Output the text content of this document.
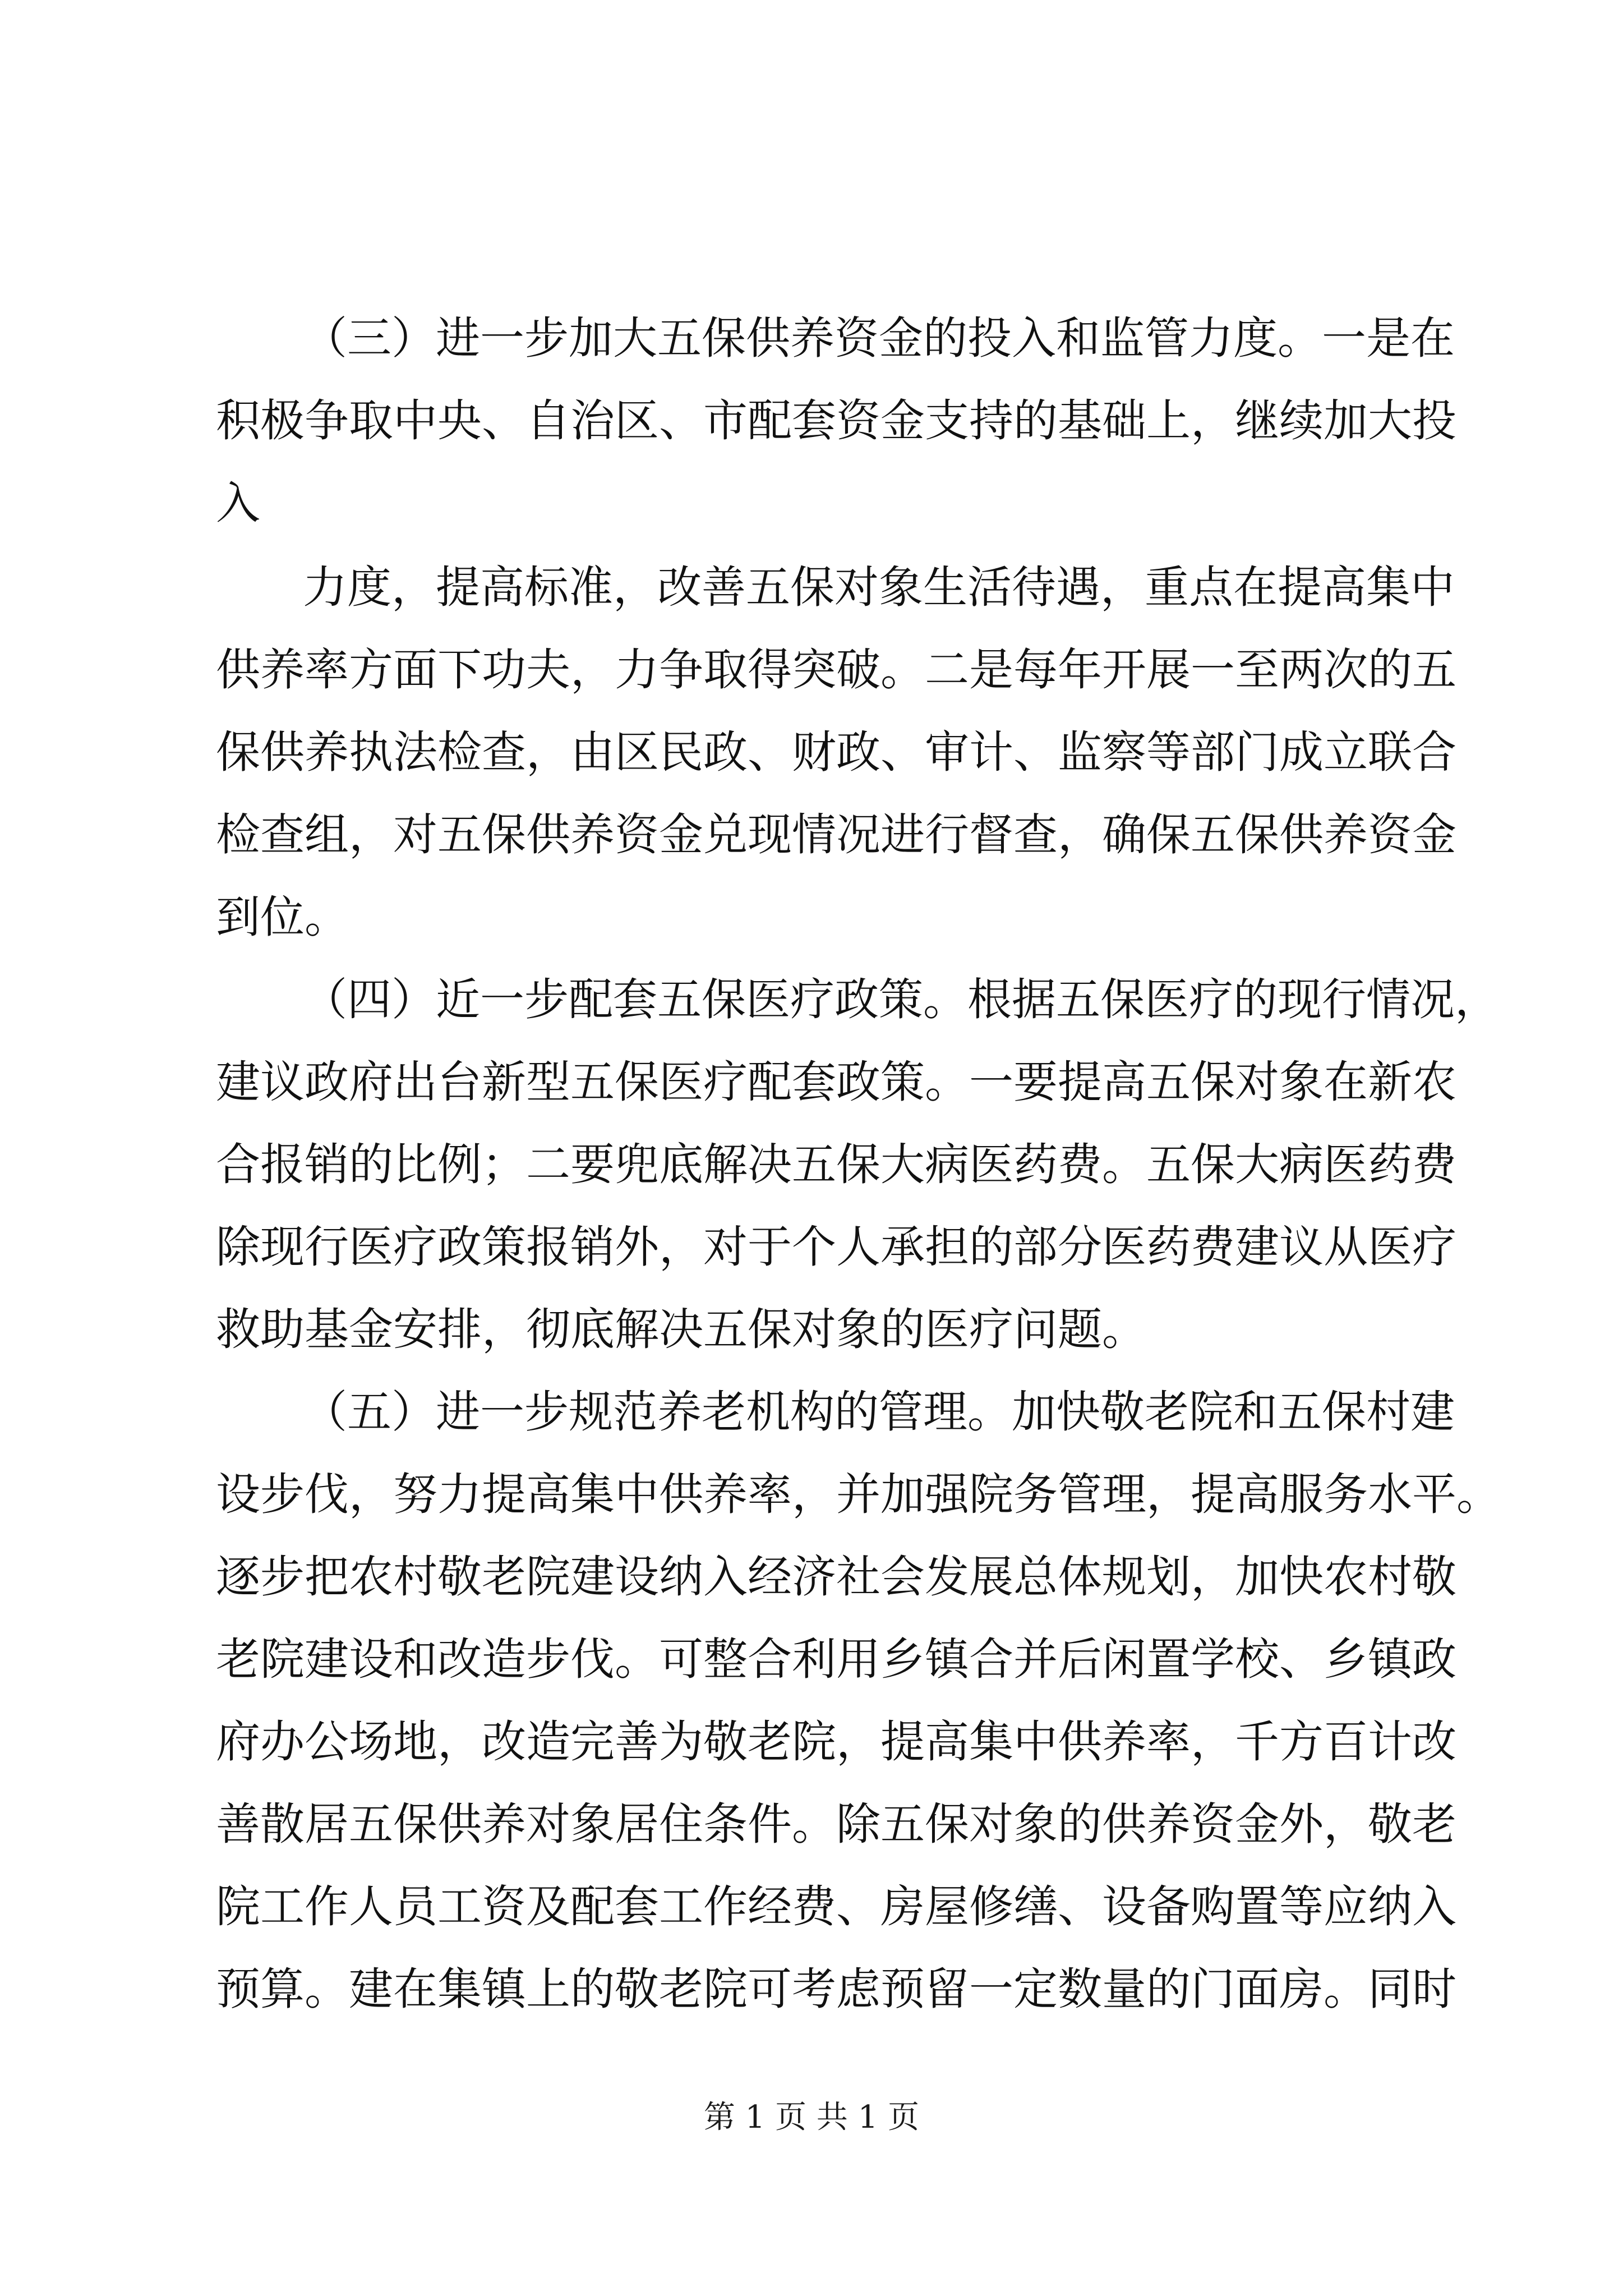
（三）进一步加大五保供养资金的投入和监管力度。一是在
积极争取中央、自治区、市配套资金支持的基础上，继续加大投
入
力度，提高标准，改善五保对象生活待遇，重点在提高集中
供养率方面下功夫，力争取得突破。二是每年开展一至两次的五
保供养执法检查，由区民政、财政、审计、监察等部门成立联合
检查组，对五保供养资金兑现情况进行督查，确保五保供养资金
到位。
（四）近一步配套五保医疗政策。根据五保医疗的现行情况，
建议政府出台新型五保医疗配套政策。一要提高五保对象在新农
合报销的比例；二要兜底解决五保大病医药费。五保大病医药费
除现行医疗政策报销外，对于个人承担的部分医药费建议从医疗
救助基金安排，彻底解决五保对象的医疗问题。
（五）进一步规范养老机构的管理。加快敬老院和五保村建
设步伐，努力提高集中供养率，并加强院务管理，提高服务水平。
逐步把农村敬老院建设纳入经济社会发展总体规划，加快农村敬
老院建设和改造步伐。可整合利用乡镇合并后闲置学校、乡镇政
府办公场地，改造完善为敬老院，提高集中供养率，千方百计改
善散居五保供养对象居住条件。除五保对象的供养资金外，敬老
院工作人员工资及配套工作经费、房屋修缮、设备购置等应纳入
预算。建在集镇上的敬老院可考虑预留一定数量的门面房。同时
第 1 页 共 1 页
